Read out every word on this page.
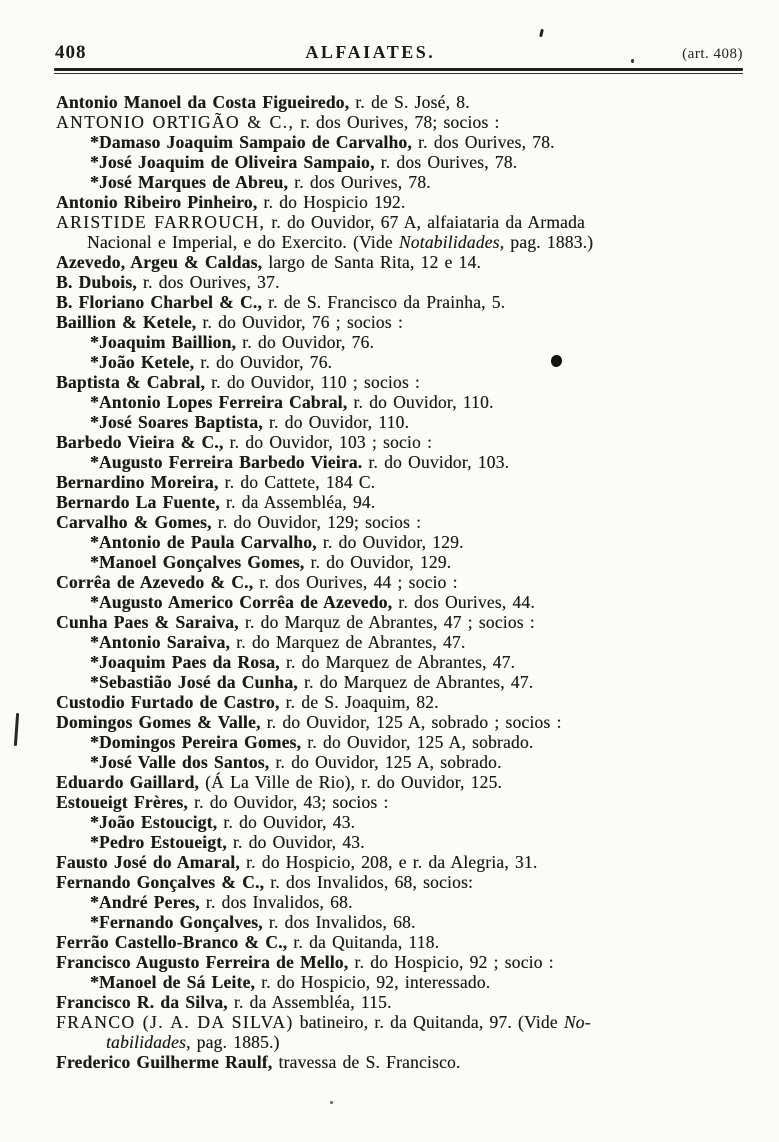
408	ALFAIATES.	(art. 408)
Antonio Manoel da Costa Figueiredo, r. de S. José, 8.
ANTONIO ORTIGÃO & C., r. dos Ourives, 78; socios :
*Damaso Joaquim Sampaio de Carvalho, r. dos Ourives, 78.
*José Joaquim de Oliveira Sampaio, r. dos Ourives, 78.
*José Marques de Abreu, r. dos Ourives, 78.
Antonio Ribeiro Pinheiro, r. do Hospicio 192.
ARISTIDE FARROUCH, r. do Ouvidor, 67 A, alfaiataria da Armada
Nacional e Imperial, e do Exercito. (Vide Notabilidades, pag. 1883.)
Azevedo, Argeu & Caldas, largo de Santa Rita, 12 e 14.
B. Dubois, r. dos Ourives, 37.
B. Floriano Charbel & C., r. de S. Francisco da Prainha, 5.
Baillion & Ketele, r. do Ouvidor, 76 ; socios :
*Joaquim Baillion, r. do Ouvidor, 76.
*João Ketele, r. do Ouvidor, 76.
Baptista & Cabral, r. do Ouvidor, 110 ; socios :
*Antonio Lopes Ferreira Cabral, r. do Ouvidor, 110.
*José Soares Baptista, r. do Ouvidor, 110.
Barbedo Vieira & C., r. do Ouvidor, 103 ; socio :
*Augusto Ferreira Barbedo Vieira. r. do Ouvidor, 103.
Bernardino Moreira, r. do Cattete, 184 C.
Bernardo La Fuente, r. da Assembléa, 94.
Carvalho & Gomes, r. do Ouvidor, 129; socios :
*Antonio de Paula Carvalho, r. do Ouvidor, 129.
*Manoel Gonçalves Gomes, r. do Ouvidor, 129.
Corrêa de Azevedo & C., r. dos Ourives, 44 ; socio :
*Augusto Americo Corrêa de Azevedo, r. dos Ourives, 44.
Cunha Paes & Saraiva, r. do Marquz de Abrantes, 47 ; socios :
*Antonio Saraiva, r. do Marquez de Abrantes, 47.
*Joaquim Paes da Rosa, r. do Marquez de Abrantes, 47.
*Sebastião José da Cunha, r. do Marquez de Abrantes, 47.
Custodio Furtado de Castro, r. de S. Joaquim, 82.
Domingos Gomes & Valle, r. do Ouvidor, 125 A, sobrado ; socios :
*Domingos Pereira Gomes, r. do Ouvidor, 125 A, sobrado.
*José Valle dos Santos, r. do Ouvidor, 125 A, sobrado.
Eduardo Gaillard, (Á La Ville de Rio), r. do Ouvidor, 125.
Estoueigt Frères, r. do Ouvidor, 43; socios :
*João Estoucigt, r. do Ouvidor, 43.
*Pedro Estoueigt, r. do Ouvidor, 43.
Fausto José do Amaral, r. do Hospicio, 208, e r. da Alegria, 31.
Fernando Gonçalves & C., r. dos Invalidos, 68, socios:
*André Peres, r. dos Invalidos, 68.
*Fernando Gonçalves, r. dos Invalidos, 68.
Ferrão Castello-Branco & C., r. da Quitanda, 118.
Francisco Augusto Ferreira de Mello, r. do Hospicio, 92 ; socio :
*Manoel de Sá Leite, r. do Hospicio, 92, interessado.
Francisco R. da Silva, r. da Assembléa, 115.
FRANCO (J. A. DA SILVA) batineiro, r. da Quitanda, 97. (Vide No-
tabilidades, pag. 1885.)
Frederico Guilherme Raulf, travessa de S. Francisco.
